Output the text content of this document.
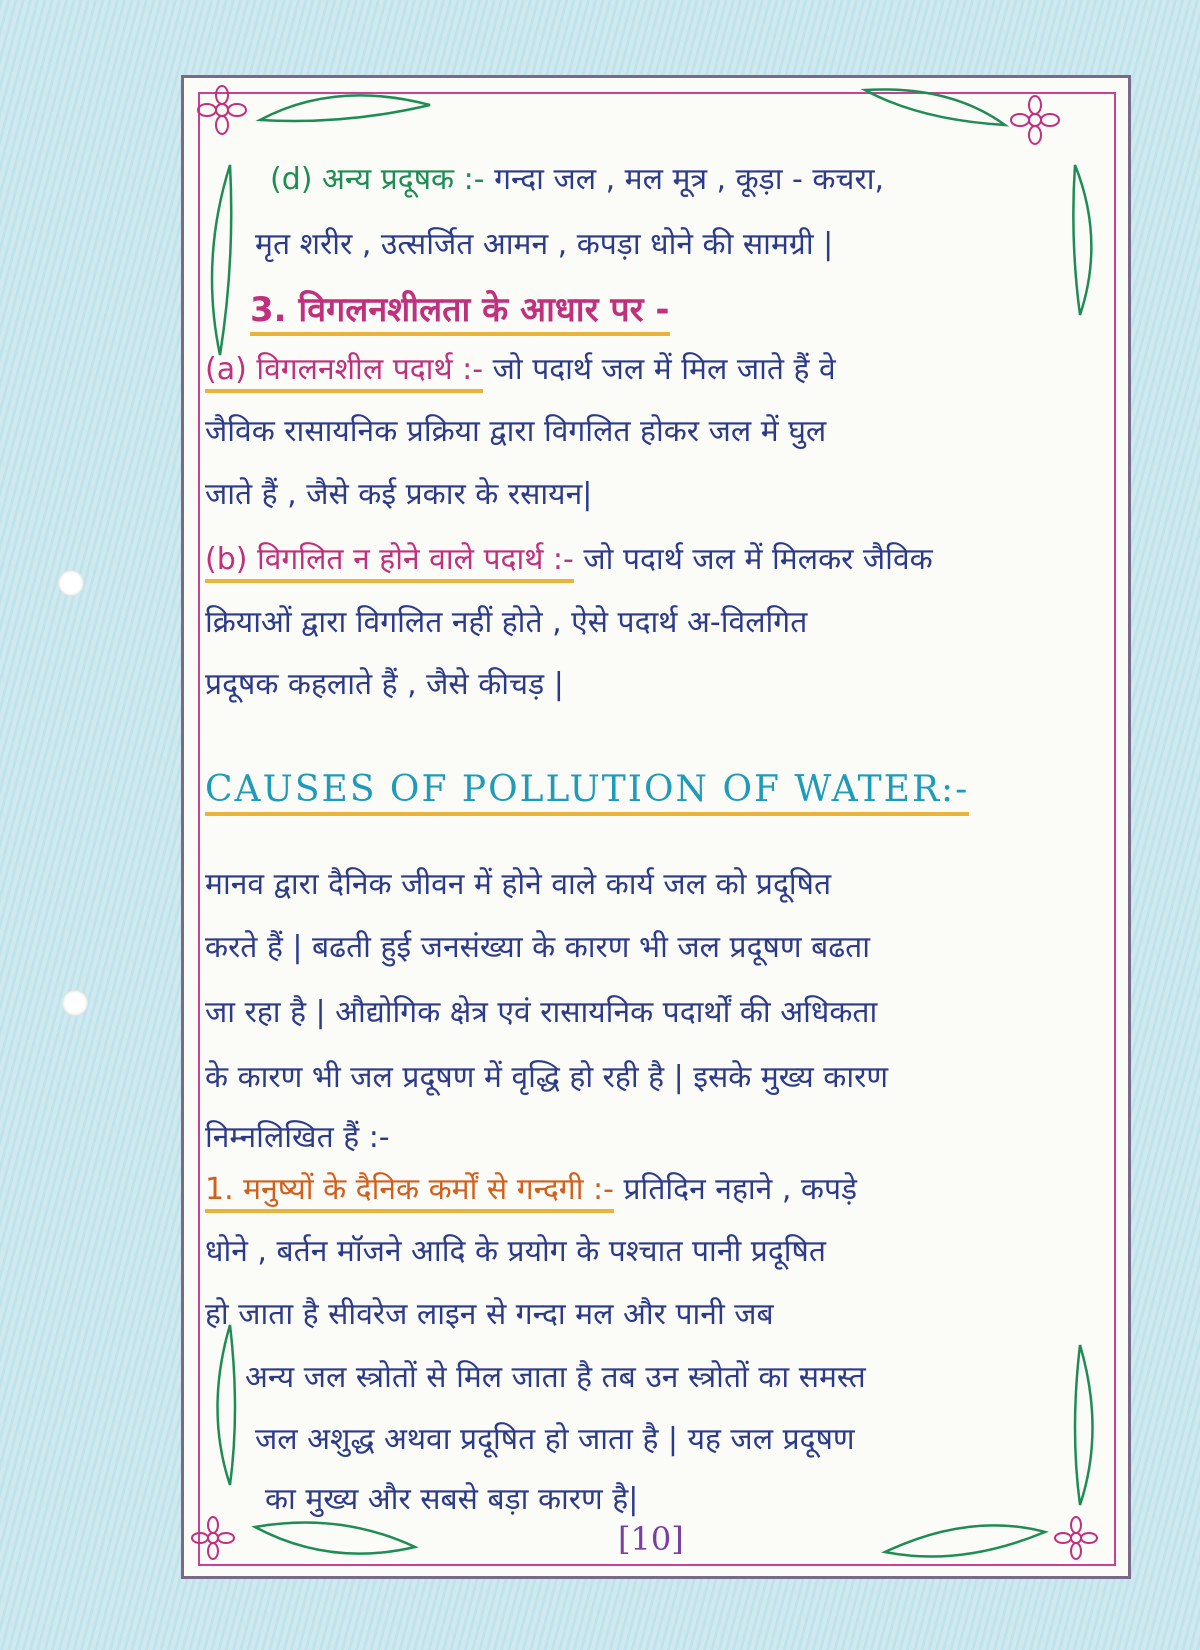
(d) अन्य प्रदूषक :- गन्दा जल , मल मूत्र , कूड़ा - कचरा,
मृत शरीर , उत्सर्जित आमन , कपड़ा धोने की सामग्री |
3. विगलनशीलता के आधार पर -
(a) विगलनशील पदार्थ :- जो पदार्थ जल में मिल जाते हैं वे
जैविक रासायनिक प्रक्रिया द्वारा विगलित होकर जल में घुल
जाते हैं , जैसे कई प्रकार के रसायन|
(b) विगलित न होने वाले पदार्थ :- जो पदार्थ जल में मिलकर जैविक
क्रियाओं द्वारा विगलित नहीं होते , ऐसे पदार्थ अ-विलगित
प्रदूषक कहलाते हैं , जैसे कीचड़ |
CAUSES OF POLLUTION OF WATER:-
मानव द्वारा दैनिक जीवन में होने वाले कार्य जल को प्रदूषित
करते हैं | बढती हुई जनसंख्या के कारण भी जल प्रदूषण बढता
जा रहा है | औद्योगिक क्षेत्र एवं रासायनिक पदार्थों की अधिकता
के कारण भी जल प्रदूषण में वृद्धि हो रही है | इसके मुख्य कारण
निम्नलिखित हैं :-
1. मनुष्यों के दैनिक कर्मों से गन्दगी :- प्रतिदिन नहाने , कपड़े
धोने , बर्तन मॉजने आदि के प्रयोग के पश्चात पानी प्रदूषित
हो जाता है सीवरेज लाइन से गन्दा मल और पानी जब
अन्य जल स्त्रोतों से मिल जाता है तब उन स्त्रोतों का समस्त
जल अशुद्ध अथवा प्रदूषित हो जाता है | यह जल प्रदूषण
का मुख्य और सबसे बड़ा कारण है|
[10]
